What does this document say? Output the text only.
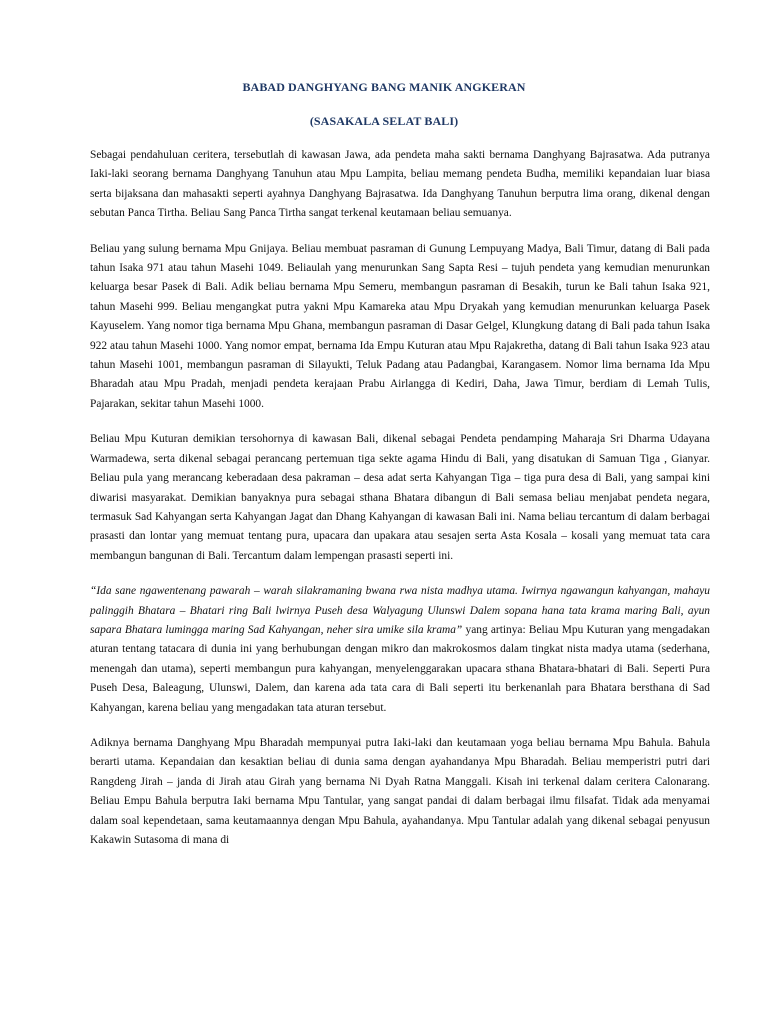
BABAD DANGHYANG BANG MANIK ANGKERAN
(SASAKALA SELAT BALI)

Sebagai pendahuluan ceritera, tersebutlah di kawasan Jawa, ada pendeta maha sakti bernama Danghyang Bajrasatwa. Ada putranya Iaki-laki seorang bernama Danghyang Tanuhun atau Mpu Lampita, beliau memang pendeta Budha, memiliki kepandaian luar biasa serta bijaksana dan mahasakti seperti ayahnya Danghyang Bajrasatwa. Ida Danghyang Tanuhun berputra lima orang, dikenal dengan sebutan Panca Tirtha. Beliau Sang Panca Tirtha sangat terkenal keutamaan beliau semuanya.

Beliau yang sulung bernama Mpu Gnijaya. Beliau membuat pasraman di Gunung Lempuyang Madya, Bali Timur, datang di Bali pada tahun Isaka 971 atau tahun Masehi 1049. Beliaulah yang menurunkan Sang Sapta Resi – tujuh pendeta yang kemudian menurunkan keluarga besar Pasek di Bali. Adik beliau bernama Mpu Semeru, membangun pasraman di Besakih, turun ke Bali tahun Isaka 921, tahun Masehi 999. Beliau mengangkat putra yakni Mpu Kamareka atau Mpu Dryakah yang kemudian menurunkan keluarga Pasek Kayuselem. Yang nomor tiga bernama Mpu Ghana, membangun pasraman di Dasar Gelgel, Klungkung datang di Bali pada tahun Isaka 922 atau tahun Masehi 1000. Yang nomor empat, bernama Ida Empu Kuturan atau Mpu Rajakretha, datang di Bali tahun Isaka 923 atau tahun Masehi 1001, membangun pasraman di Silayukti, Teluk Padang atau Padangbai, Karangasem. Nomor lima bernama Ida Mpu Bharadah atau Mpu Pradah, menjadi pendeta kerajaan Prabu Airlangga di Kediri, Daha, Jawa Timur, berdiam di Lemah Tulis, Pajarakan, sekitar tahun Masehi 1000.

Beliau Mpu Kuturan demikian tersohornya di kawasan Bali, dikenal sebagai Pendeta pendamping Maharaja Sri Dharma Udayana Warmadewa, serta dikenal sebagai perancang pertemuan tiga sekte agama Hindu di Bali, yang disatukan di Samuan Tiga , Gianyar. Beliau pula yang merancang keberadaan desa pakraman – desa adat serta Kahyangan Tiga – tiga pura desa di Bali, yang sampai kini diwarisi masyarakat. Demikian banyaknya pura sebagai sthana Bhatara dibangun di Bali semasa beliau menjabat pendeta negara, termasuk Sad Kahyangan serta Kahyangan Jagat dan Dhang Kahyangan di kawasan Bali ini. Nama beliau tercantum di dalam berbagai prasasti dan lontar yang memuat tentang pura, upacara dan upakara atau sesajen serta Asta Kosala – kosali yang memuat tata cara membangun bangunan di Bali. Tercantum dalam lempengan prasasti seperti ini.

“Ida sane ngawentenang pawarah – warah silakramaning bwana rwa nista madhya utama. Iwirnya ngawangun kahyangan, mahayu palinggih Bhatara – Bhatari ring Bali lwirnya Puseh desa Walyagung Ulunswi Dalem sopana hana tata krama maring Bali, ayun sapara Bhatara lumingga maring Sad Kahyangan, neher sira umike sila krama” yang artinya: Beliau Mpu Kuturan yang mengadakan aturan tentang tatacara di dunia ini yang berhubungan dengan mikro dan makrokosmos dalam tingkat nista madya utama (sederhana, menengah dan utama), seperti membangun pura kahyangan, menyelenggarakan upacara sthana Bhatara-bhatari di Bali. Seperti Pura Puseh Desa, Baleagung, Ulunswi, Dalem, dan karena ada tata cara di Bali seperti itu berkenanlah para Bhatara bersthana di Sad Kahyangan, karena beliau yang mengadakan tata aturan tersebut.

Adiknya bernama Danghyang Mpu Bharadah mempunyai putra Iaki-laki dan keutamaan yoga beliau bernama Mpu Bahula. Bahula berarti utama. Kepandaian dan kesaktian beliau di dunia sama dengan ayahandanya Mpu Bharadah. Beliau memperistri putri dari Rangdeng Jirah – janda di Jirah atau Girah yang bernama Ni Dyah Ratna Manggali. Kisah ini terkenal dalam ceritera Calonarang. Beliau Empu Bahula berputra Iaki bernama Mpu Tantular, yang sangat pandai di dalam berbagai ilmu filsafat. Tidak ada menyamai dalam soal kependetaan, sama keutamaannya dengan Mpu Bahula, ayahandanya. Mpu Tantular adalah yang dikenal sebagai penyusun Kakawin Sutasoma di mana di
